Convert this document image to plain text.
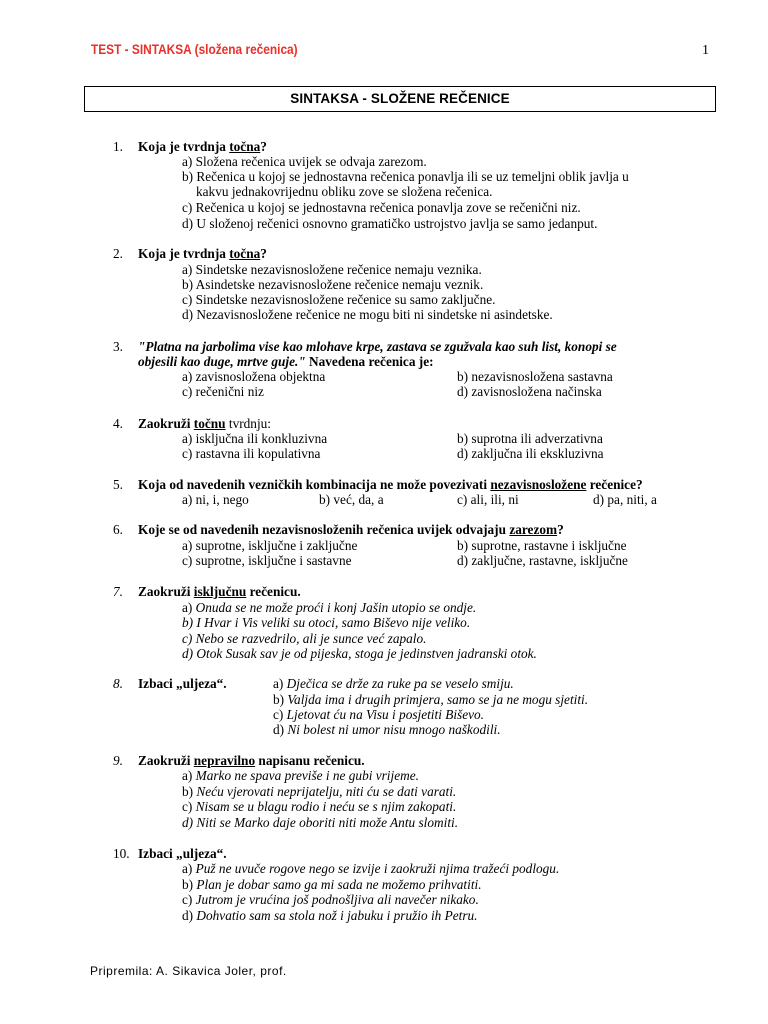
TEST - SINTAKSA (složena rečenica)	1
SINTAKSA - SLOŽENE REČENICE
1. Koja je tvrdnja točna?
a) Složena rečenica uvijek se odvaja zarezom.
b) Rečenica u kojoj se jednostavna rečenica ponavlja ili se uz temeljni oblik javlja u
kakvu jednakovrijednu obliku zove se složena rečenica.
c) Rečenica u kojoj se jednostavna rečenica ponavlja zove se rečenični niz.
d) U složenoj rečenici osnovno gramatičko ustrojstvo javlja se samo jedanput.
2. Koja je tvrdnja točna?
a) Sindetske nezavisnosložene rečenice nemaju veznika.
b) Asindetske nezavisnosložene rečenice nemaju veznik.
c) Sindetske nezavisnosložene rečenice su samo zaključne.
d) Nezavisnosložene rečenice ne mogu biti ni sindetske ni asindetske.
3. "Platna na jarbolima vise kao mlohave krpe, zastava se zgužvala kao suh list, konopi se
objesili kao duge, mrtve guje." Navedena rečenica je:
a) zavisnosložena objektna	b) nezavisnosložena sastavna
c) rečenični niz	d) zavisnosložena načinska
4. Zaokruži točnu tvrdnju:
a) isključna ili konkluzivna	b) suprotna ili adverzativna
c) rastavna ili kopulativna	d) zaključna ili ekskluzivna
5. Koja od navedenih vezničkih kombinacija ne može povezivati nezavisnosložene rečenice?
a) ni, i, nego	b) već, da, a	c) ali, ili, ni	d) pa, niti, a
6. Koje se od navedenih nezavisnosloženih rečenica uvijek odvajaju zarezom?
a) suprotne, isključne i zaključne	b) suprotne, rastavne i isključne
c) suprotne, isključne i sastavne	d) zaključne, rastavne, isključne
7. Zaokruži isključnu rečenicu.
a) Onuda se ne može proći i konj Jašin utopio se ondje.
b) I Hvar i Vis veliki su otoci, samo Biševo nije veliko.
c) Nebo se razvedrilo, ali je sunce već zapalo.
d) Otok Susak sav je od pijeska, stoga je jedinstven jadranski otok.
8. Izbaci „uljeza“.	a) Dječica se drže za ruke pa se veselo smiju.
b) Valjda ima i drugih primjera, samo se ja ne mogu sjetiti.
c) Ljetovat ću na Visu i posjetiti Biševo.
d) Ni bolest ni umor nisu mnogo naškodili.
9. Zaokruži nepravilno napisanu rečenicu.
a) Marko ne spava previše i ne gubi vrijeme.
b) Neću vjerovati neprijatelju, niti ću se dati varati.
c) Nisam se u blagu rodio i neću se s njim zakopati.
d) Niti se Marko daje oboriti niti može Antu slomiti.
10. Izbaci „uljeza“.
a) Puž ne uvuče rogove nego se izvije i zaokruži njima tražeći podlogu.
b) Plan je dobar samo ga mi sada ne možemo prihvatiti.
c) Jutrom je vrućina još podnošljiva ali navečer nikako.
d) Dohvatio sam sa stola nož i jabuku i pružio ih Petru.
Pripremila: A. Sikavica Joler, prof.
